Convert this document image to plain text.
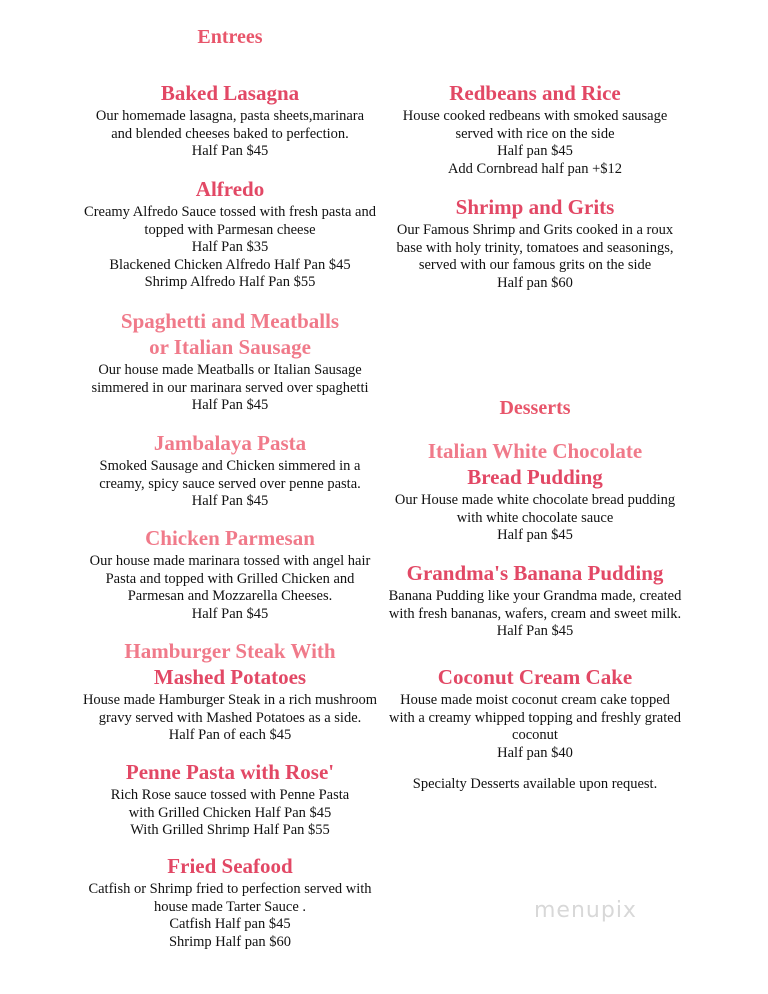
Entrees

Baked Lasagna

Our homemade lasagna, pasta sheets,marinara
and blended cheeses baked to perfection.
Half Pan $45

Alfredo

Creamy Alfredo Sauce tossed with fresh pasta and
topped with Parmesan cheese
Half Pan $35
Blackened Chicken Alfredo Half Pan $45
Shrimp Alfredo Half Pan $55

Spaghetti and Meatballs

or Italian Sausage

Our house made Meatballs or Italian Sausage
simmered in our marinara served over spaghetti
Half Pan $45

Jambalaya Pasta

Smoked Sausage and Chicken simmered in a
creamy, spicy sauce served over penne pasta.
Half Pan $45

Chicken Parmesan

Our house made marinara tossed with angel hair
Pasta and topped with Grilled Chicken and
Parmesan and Mozzarella Cheeses.
Half Pan $45

Hamburger Steak With

Mashed Potatoes

House made Hamburger Steak in a rich mushroom
gravy served with Mashed Potatoes as a side.
Half Pan of each $45

Penne Pasta with Rose'

Rich Rose sauce tossed with Penne Pasta
with Grilled Chicken Half Pan $45
With Grilled Shrimp Half Pan $55

Fried Seafood

Catfish or Shrimp fried to perfection served with
house made Tarter Sauce .
Catfish Half pan $45
Shrimp Half pan $60

Redbeans and Rice

House cooked redbeans with smoked sausage
served with rice on the side
Half pan $45
Add Cornbread half pan +$12

Shrimp and Grits

Our Famous Shrimp and Grits cooked in a roux
base with holy trinity, tomatoes and seasonings,
served with our famous grits on the side
Half pan $60

Desserts

Italian White Chocolate

Bread Pudding

Our House made white chocolate bread pudding
with white chocolate sauce
Half pan $45

Grandma's Banana Pudding

Banana Pudding like your Grandma made, created
with fresh bananas, wafers, cream and sweet milk.
Half Pan $45

Coconut Cream Cake

House made moist coconut cream cake topped
with a creamy whipped topping and freshly grated
coconut
Half pan $40

Specialty Desserts available upon request.
menupix
